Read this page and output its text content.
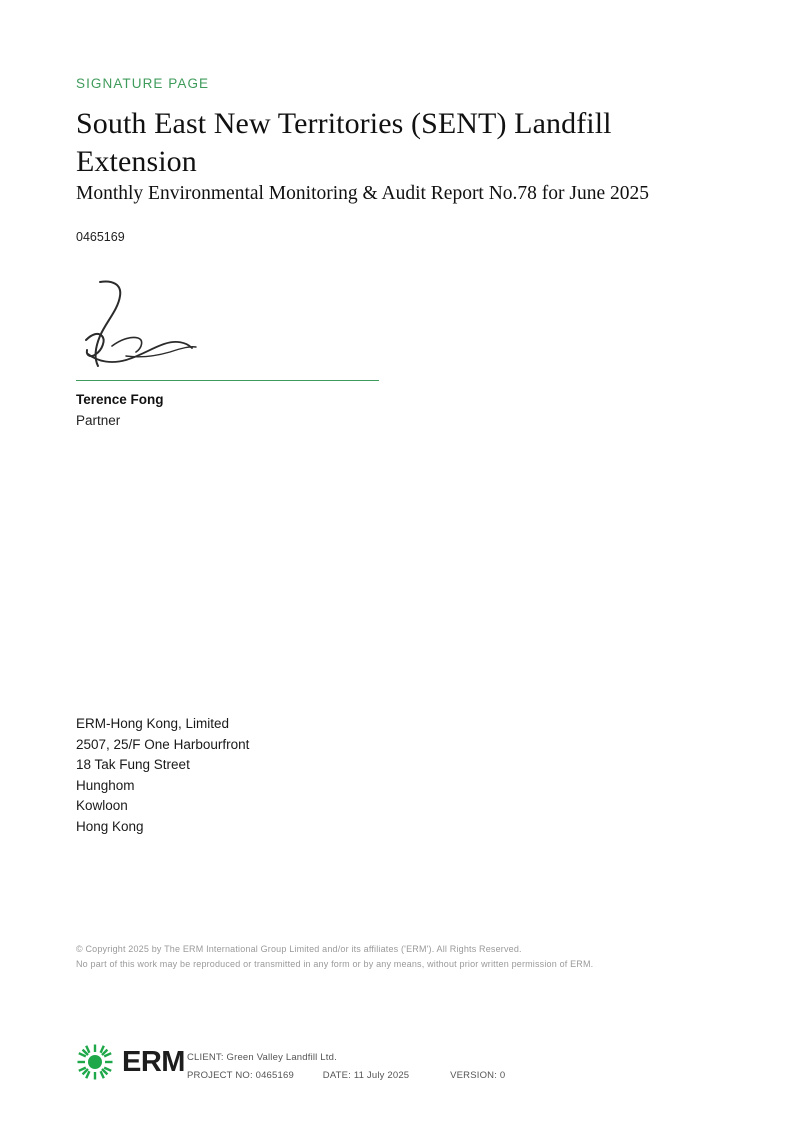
SIGNATURE PAGE
South East New Territories (SENT) Landfill Extension
Monthly Environmental Monitoring & Audit Report No.78 for June 2025
0465169
Terence Fong
Partner
ERM-Hong Kong, Limited
2507, 25/F One Harbourfront
18 Tak Fung Street
Hunghom
Kowloon
Hong Kong
© Copyright 2025 by The ERM International Group Limited and/or its affiliates ('ERM'). All Rights Reserved.
No part of this work may be reproduced or transmitted in any form or by any means, without prior written permission of ERM.
ERM CLIENT: Green Valley Landfill Ltd.
PROJECT NO: 0465169	DATE: 11 July 2025	VERSION: 0
